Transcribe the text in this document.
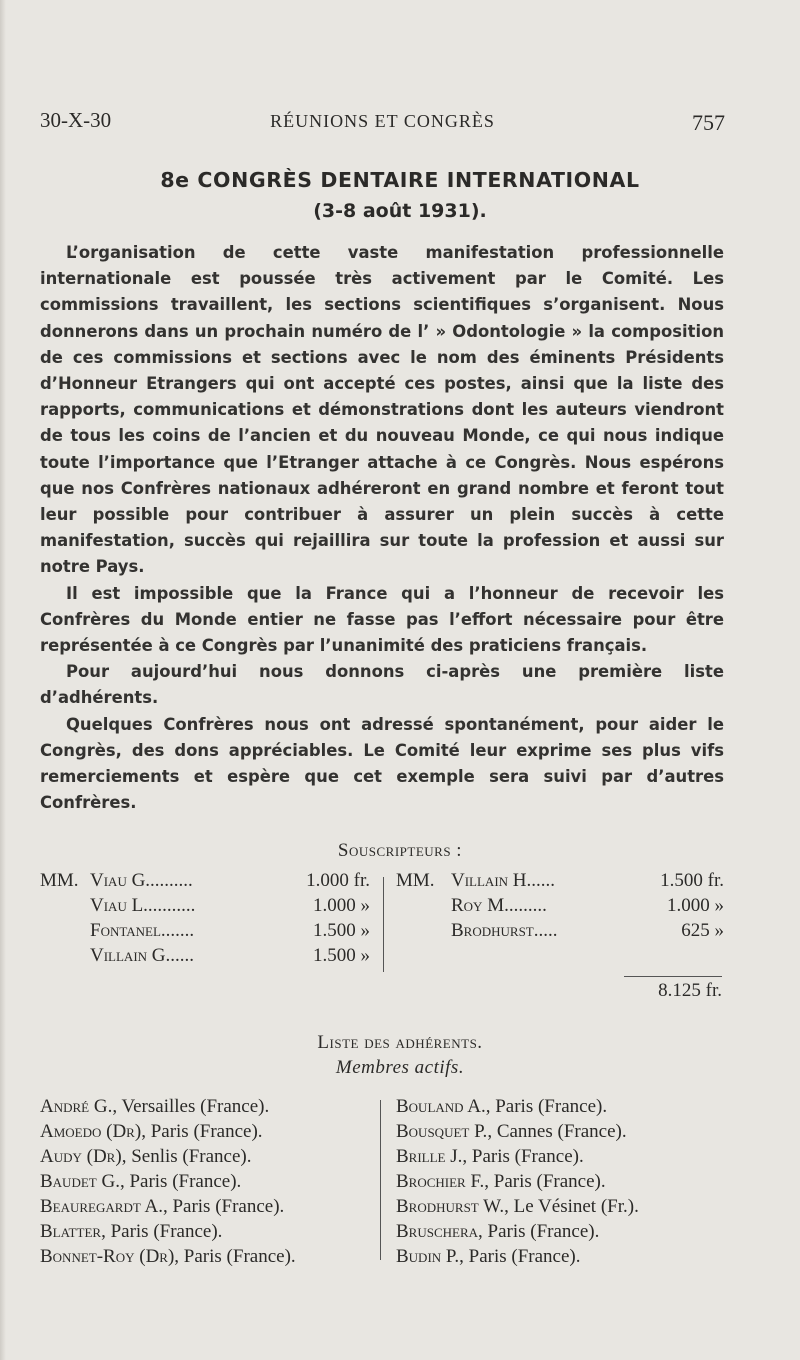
30-X-30	RÉUNIONS ET CONGRÈS	757
8e CONGRÈS DENTAIRE INTERNATIONAL
(3-8 août 1931).

L’organisation de cette vaste manifestation professionnelle internationale est poussée très activement par le Comité. Les commissions travaillent, les sections scientifiques s’organisent. Nous donnerons dans un prochain numéro de l’ » Odontologie » la composition de ces commissions et sections avec le nom des éminents Présidents d’Honneur Etrangers qui ont accepté ces postes, ainsi que la liste des rapports, communications et démonstrations dont les auteurs viendront de tous les coins de l’ancien et du nouveau Monde, ce qui nous indique toute l’importance que l’Etranger attache à ce Congrès. Nous espérons que nos Confrères nationaux adhéreront en grand nombre et feront tout leur possible pour contribuer à assurer un plein succès à cette manifestation, succès qui rejaillira sur toute la profession et aussi sur notre Pays.

Il est impossible que la France qui a l’honneur de recevoir les Confrères du Monde entier ne fasse pas l’effort nécessaire pour être représentée à ce Congrès par l’unanimité des praticiens français.

Pour aujourd’hui nous donnons ci-après une première liste d’adhérents.

Quelques Confrères nous ont adressé spontanément, pour aider le Congrès, des dons appréciables. Le Comité leur exprime ses plus vifs remerciements et espère que cet exemple sera suivi par d’autres Confrères.

Souscripteurs :
MM. Viau G..........	1.000 fr.
Viau L...........	1.000 »
Fontanel.......	1.500 »
Villain G......	1.500 »
MM. Villain H......	1.500 fr.
Roy M.........	1.000 »
Brodhurst.....	625 »
8.125 fr.
Liste des adhérents.
Membres actifs.
André G., Versailles (France).
Amoedo (Dr), Paris (France).
Audy (Dr), Senlis (France).
Baudet G., Paris (France).
Beauregardt A., Paris (France).
Blatter, Paris (France).
Bonnet-Roy (Dr), Paris (France).
Bouland A., Paris (France).
Bousquet P., Cannes (France).
Brille J., Paris (France).
Brochier F., Paris (France).
Brodhurst W., Le Vésinet (Fr.).
Bruschera, Paris (France).
Budin P., Paris (France).
